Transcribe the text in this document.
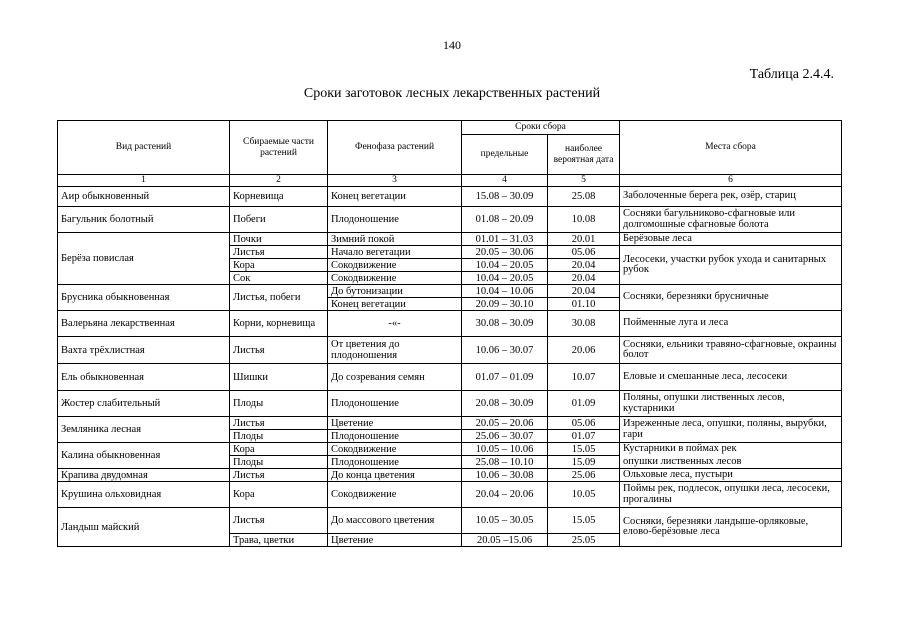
140
Таблица 2.4.4.
Сроки заготовок лесных лекарственных растений
Вид растений	Сбираемые части растений	Фенофаза растений	Сроки сбора		Места сбора
			предельные	наиболее вероятная дата	
1	2	3	4	5	6
Аир обыкновенный	Корневища	Конец вегетации	15.08 – 30.09	25.08	Заболоченные берега рек, озёр, стариц
Багульник болотный	Побеги	Плодоношение	01.08 – 20.09	10.08	Сосняки багульниково-сфагновые или долгомошные сфагновые болота
Берёза повислая	Почки	Зимний покой	01.01 – 31.03	20.01	Берёзовые леса
	Листья	Начало вегетации	20.05 – 30.06	05.06	Лесосеки, участки рубок ухода и санитарных рубок
	Кора	Сокодвижение	10.04 – 20.05	20.04	
	Сок	Сокодвижение	10.04 – 20.05	20.04	
Брусника обыкновенная	Листья, побеги	До бутонизации	10.04 – 10.06	20.04	Сосняки, березняки брусничные
		Конец вегетации	20.09 – 30.10	01.10	
Валерьяна лекарственная	Корни, корневища	-«-	30.08 – 30.09	30.08	Пойменные луга и леса
Вахта трёхлистная	Листья	От цветения до плодоношения	10.06 – 30.07	20.06	Сосняки, ельники травяно-сфагновые, окраины болот
Ель обыкновенная	Шишки	До созревания семян	01.07 – 01.09	10.07	Еловые и смешанные леса, лесосеки
Жостер слабительный	Плоды	Плодоношение	20.08 – 30.09	01.09	Поляны, опушки лиственных лесов, кустарники
Земляника лесная	Листья	Цветение	20.05 – 20.06	05.06	Изреженные леса, опушки, поляны, вырубки, гари
	Плоды	Плодоношение	25.06 – 30.07	01.07	
Калина обыкновенная	Кора	Сокодвижение	10.05 – 10.06	15.05	Кустарники в поймах рек
	Плоды	Плодоношение	25.08 – 10.10	15.09	опушки лиственных лесов
Крапива двудомная	Листья	До конца цветения	10.06 – 30.08	25.06	Ольховые леса, пустыри
Крушина ольховидная	Кора	Сокодвижение	20.04 – 20.06	10.05	Поймы рек, подлесок, опушки леса, лесосеки, прогалины
Ландыш майский	Листья	До массового цветения	10.05 – 30.05	15.05	Сосняки, березняки ландыше-орляковые, елово-берёзовые леса
	Трава, цветки	Цветение	20.05 –15.06	25.05	
